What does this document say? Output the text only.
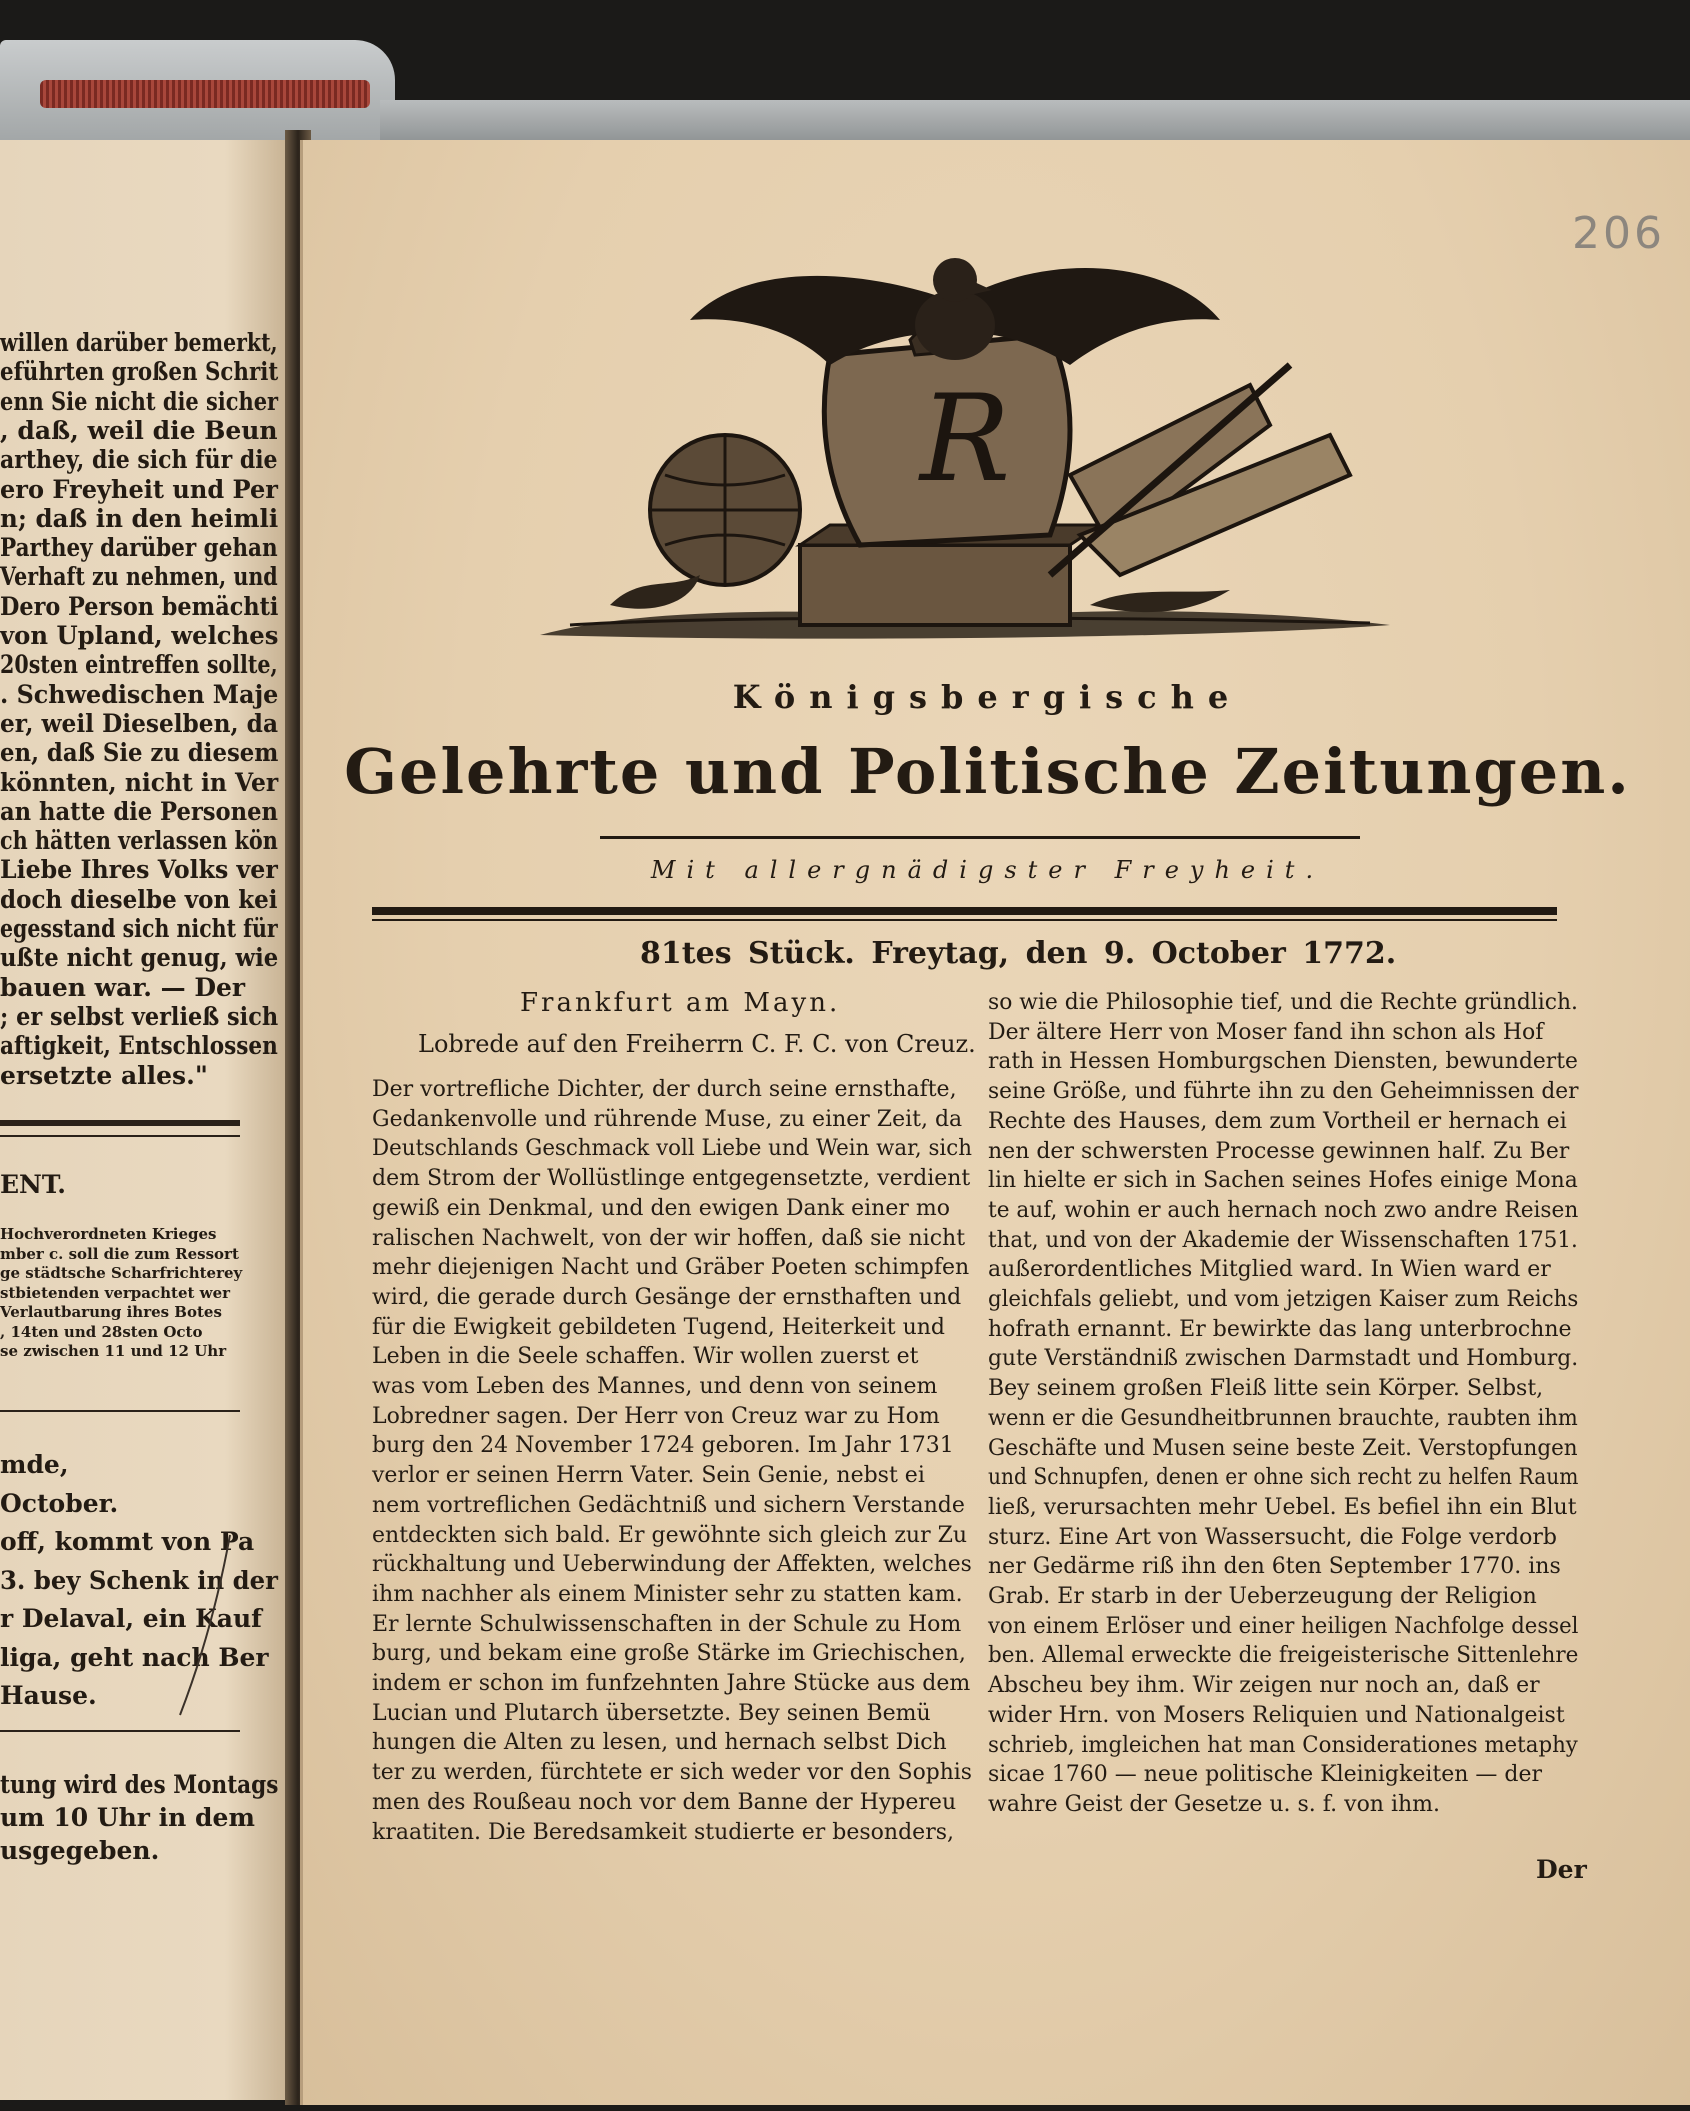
willen darüber bemerkt,
eführten großen Schrit
enn Sie nicht die sicher
, daß, weil die Beun
arthey, die sich für die
ero Freyheit und Per
n; daß in den heimli
Parthey darüber gehan
Verhaft zu nehmen, und
Dero Person bemächti
von Upland, welches
20sten eintreffen sollte,
. Schwedischen Maje
er, weil Dieselben, da
en, daß Sie zu diesem
könnten, nicht in Ver
an hatte die Personen
ch hätten verlassen kön
Liebe Ihres Volks ver
doch dieselbe von kei
egesstand sich nicht für
ußte nicht genug, wie
bauen war. — Der
; er selbst verließ sich
aftigkeit, Entschlossen
ersetzte alles."
ENT.
Hochverordneten Krieges
mber c. soll die zum Ressort
ge städtsche Scharfrichterey
stbietenden verpachtet wer
Verlautbarung ihres Botes
, 14ten und 28sten Octo
se zwischen 11 und 12 Uhr
mde,
October.
off, kommt von Pa
3. bey Schenk in der
r Delaval, ein Kauf
liga, geht nach Ber
Hause.
tung wird des Montags
um 10 Uhr in dem
usgegeben.
206
R
Königsbergische
Gelehrte und Politische Zeitungen.
Mit allergnädigster Freyheit.
81tes Stück. Freytag, den 9. October 1772.
Frankfurt am Mayn.
Lobrede auf den Freiherrn C. F. C. von Creuz.
Der vortrefliche Dichter, der durch seine ernsthafte,
Gedankenvolle und rührende Muse, zu einer Zeit, da
Deutschlands Geschmack voll Liebe und Wein war, sich
dem Strom der Wollüstlinge entgegensetzte, verdient
gewiß ein Denkmal, und den ewigen Dank einer mo
ralischen Nachwelt, von der wir hoffen, daß sie nicht
mehr diejenigen Nacht und Gräber Poeten schimpfen
wird, die gerade durch Gesänge der ernsthaften und
für die Ewigkeit gebildeten Tugend, Heiterkeit und
Leben in die Seele schaffen. Wir wollen zuerst et
was vom Leben des Mannes, und denn von seinem
Lobredner sagen. Der Herr von Creuz war zu Hom
burg den 24 November 1724 geboren. Im Jahr 1731
verlor er seinen Herrn Vater. Sein Genie, nebst ei
nem vortreflichen Gedächtniß und sichern Verstande
entdeckten sich bald. Er gewöhnte sich gleich zur Zu
rückhaltung und Ueberwindung der Affekten, welches
ihm nachher als einem Minister sehr zu statten kam.
Er lernte Schulwissenschaften in der Schule zu Hom
burg, und bekam eine große Stärke im Griechischen,
indem er schon im funfzehnten Jahre Stücke aus dem
Lucian und Plutarch übersetzte. Bey seinen Bemü
hungen die Alten zu lesen, und hernach selbst Dich
ter zu werden, fürchtete er sich weder vor den Sophis
men des Roußeau noch vor dem Banne der Hypereu
kraatiten. Die Beredsamkeit studierte er besonders,
so wie die Philosophie tief, und die Rechte gründlich.
Der ältere Herr von Moser fand ihn schon als Hof
rath in Hessen Homburgschen Diensten, bewunderte
seine Größe, und führte ihn zu den Geheimnissen der
Rechte des Hauses, dem zum Vortheil er hernach ei
nen der schwersten Processe gewinnen half. Zu Ber
lin hielte er sich in Sachen seines Hofes einige Mona
te auf, wohin er auch hernach noch zwo andre Reisen
that, und von der Akademie der Wissenschaften 1751.
außerordentliches Mitglied ward. In Wien ward er
gleichfals geliebt, und vom jetzigen Kaiser zum Reichs
hofrath ernannt. Er bewirkte das lang unterbrochne
gute Verständniß zwischen Darmstadt und Homburg.
Bey seinem großen Fleiß litte sein Körper. Selbst,
wenn er die Gesundheitbrunnen brauchte, raubten ihm
Geschäfte und Musen seine beste Zeit. Verstopfungen
und Schnupfen, denen er ohne sich recht zu helfen Raum
ließ, verursachten mehr Uebel. Es befiel ihn ein Blut
sturz. Eine Art von Wassersucht, die Folge verdorb
ner Gedärme riß ihn den 6ten September 1770. ins
Grab. Er starb in der Ueberzeugung der Religion
von einem Erlöser und einer heiligen Nachfolge dessel
ben. Allemal erweckte die freigeisterische Sittenlehre
Abscheu bey ihm. Wir zeigen nur noch an, daß er
wider Hrn. von Mosers Reliquien und Nationalgeist
schrieb, imgleichen hat man Considerationes metaphy
sicae 1760 — neue politische Kleinigkeiten — der
wahre Geist der Gesetze u. s. f. von ihm.
Der
